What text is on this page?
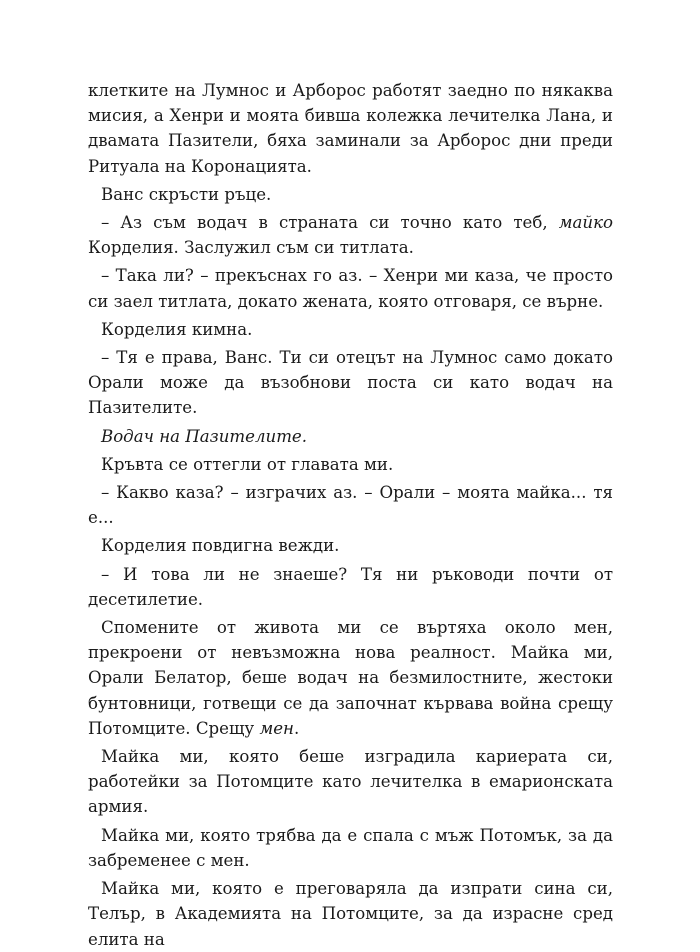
клетките на Лумнос и Арборос работят заедно по някаква мисия, а Хенри и моята бивша колежка лечителка Лана, и двамата Пазители, бяха заминали за Арборос дни преди Ритуала на Коронацията.

Ванс скръсти ръце.

– Аз съм водач в страната си точно като теб, майко Корделия. Заслужил съм си титлата.

– Така ли? – прекъснах го аз. – Хенри ми каза, че просто си заел титлата, докато жената, която отговаря, се върне.

Корделия кимна.

– Тя е права, Ванс. Ти си отецът на Лумнос само докато Орали може да възобнови поста си като водач на Пазителите.

Водач на Пазителите.

Кръвта се оттегли от главата ми.

– Какво каза? – изграчих аз. – Орали – моята майка... тя е...

Корделия повдигна вежди.

– И това ли не знаеше? Тя ни ръководи почти от десетилетие.

Спомените от живота ми се въртяха около мен, прекроени от невъзможна нова реалност. Майка ми, Орали Белатор, беше водач на безмилостните, жестоки бунтовници, готвещи се да започнат кървава война срещу Потомците. Срещу мен.

Майка ми, която беше изградила кариерата си, работейки за Потомците като лечителка в емарионската армия.

Майка ми, която трябва да е спала с мъж Потомък, за да забременее с мен.

Майка ми, която е преговаряла да изпрати сина си, Телър, в Академията на Потомците, за да израсне сред елита на
